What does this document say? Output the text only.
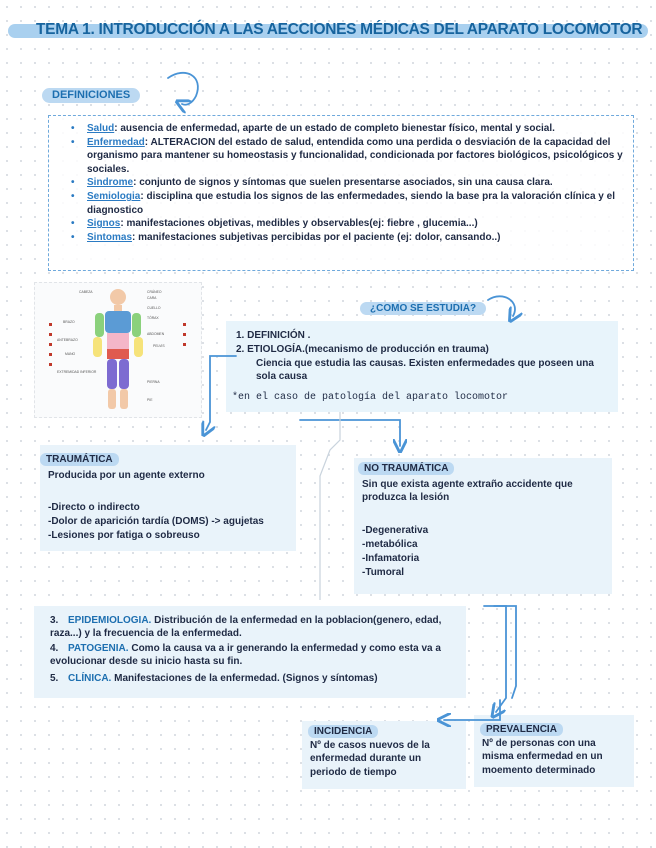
TEMA 1. INTRODUCCIÓN A LAS AECCIONES MÉDICAS DEL APARATO LOCOMOTOR
DEFINICIONES
• Salud: ausencia de enfermedad, aparte de un estado de completo bienestar físico, mental y social.
• Enfermedad: ALTERACION del estado de salud, entendida como una perdida o desviación de la capacidad del organismo para mantener su homeostasis y funcionalidad, condicionada por factores biológicos, psicológicos y sociales.
• Sindrome: conjunto de signos y síntomas que suelen presentarse asociados, sin una causa clara.
• Semiologia: disciplina que estudia los signos de las enfermedades, siendo la base pra la valoración clínica y el diagnostico
• Signos: manifestaciones objetivas, medibles y observables(ej: fiebre , glucemia...)
• Sintomas: manifestaciones subjetivas percibidas por el paciente (ej: dolor, cansando..)
CABEZA	CRÁNEO
CARA
CUELLO
TÓRAX
BRAZO
ABDOMEN
PELVIS
ANTEBRAZO
MANO
EXTREMIDAD INFERIOR
PIERNA
PIE
¿COMO SE ESTUDIA?
1. DEFINICIÓN .
2. ETIOLOGÍA.(mecanismo de producción en trauma)
Ciencia que estudia las causas. Existen enfermedades que poseen una sola causa
*en el caso de patología del aparato locomotor
TRAUMÁTICA
Producida por un agente externo
-Directo o indirecto
-Dolor de aparición tardía (DOMS) -> agujetas
-Lesiones por fatiga o sobreuso
NO TRAUMÁTICA
Sin que exista agente extraño accidente que produzca la lesión
-Degenerativa
-metabólica
-Infamatoria
-Tumoral
3. EPIDEMIOLOGIA. Distribución de la enfermedad en la poblacion(genero, edad, raza...) y la frecuencia de la enfermedad.
4. PATOGENIA. Como la causa va a ir generando la enfermedad y como esta va a evolucionar desde su inicio hasta su fin.
5. CLÍNICA. Manifestaciones de la enfermedad. (Signos y síntomas)
INCIDENCIA
Nº de casos nuevos de la enfermedad durante un periodo de tiempo
PREVALENCIA
Nº de personas con una misma enfermedad en un moemento determinado
